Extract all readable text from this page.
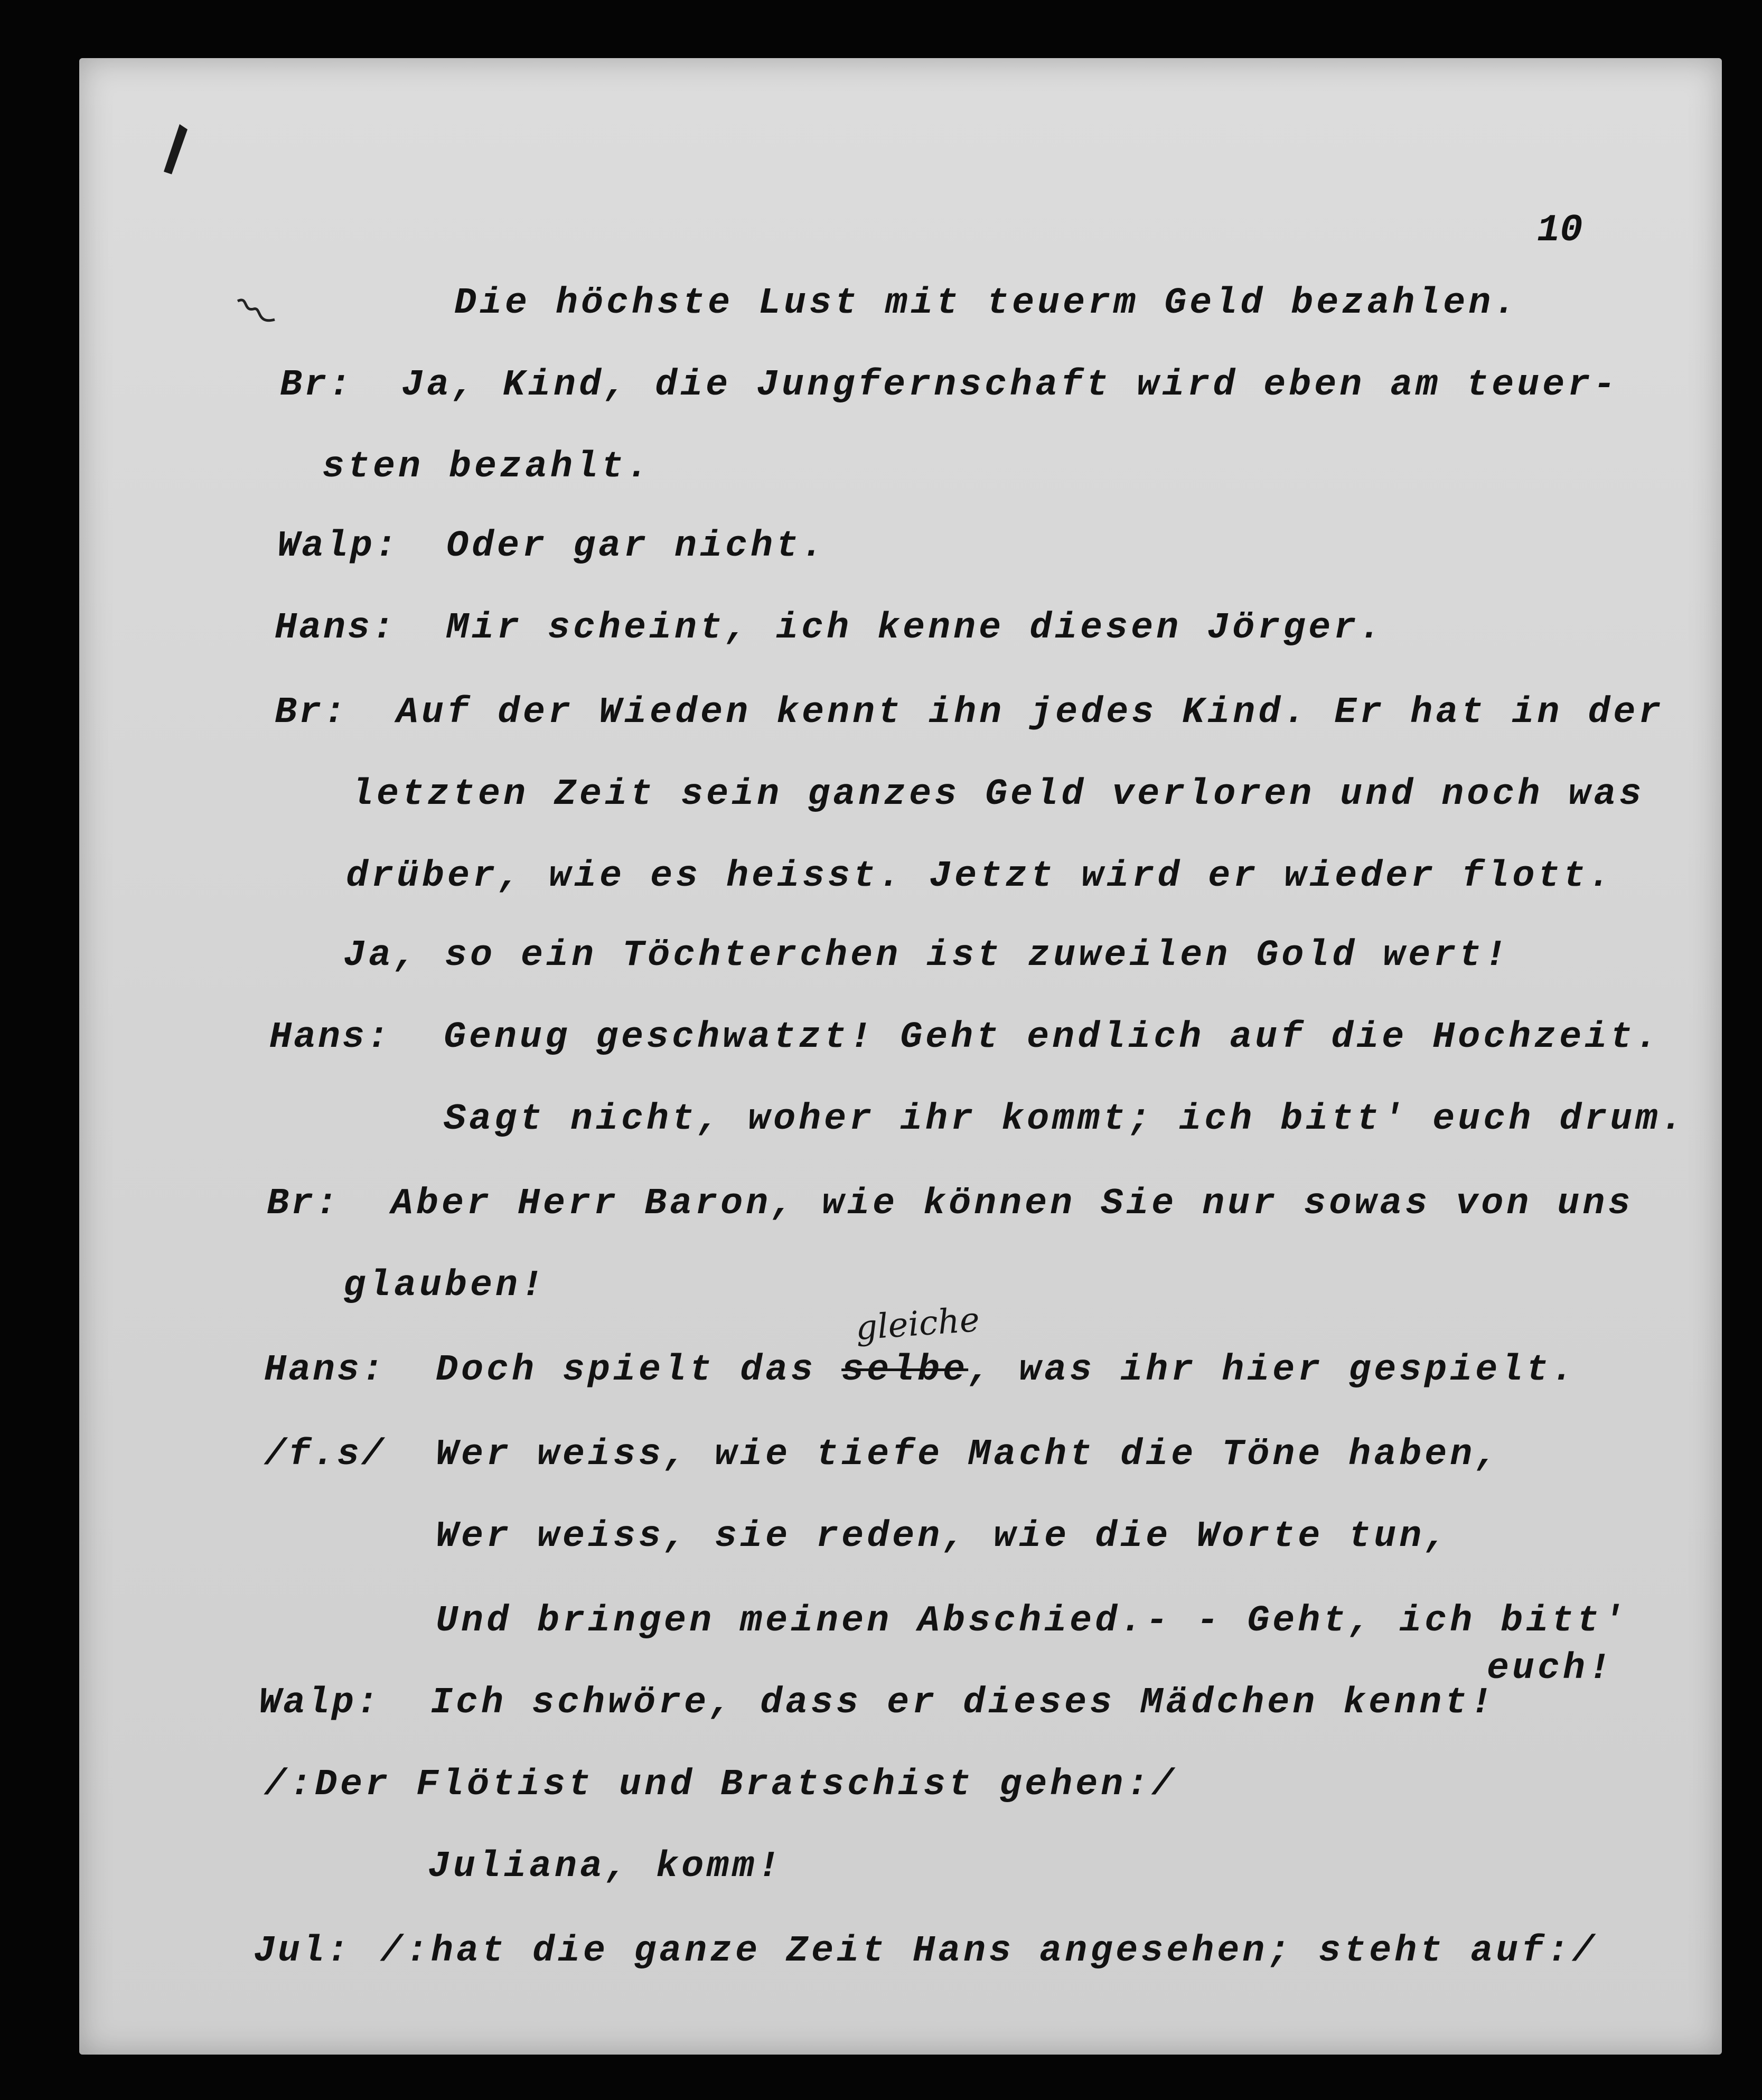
10
Br:
Walp:
Hans:
Br:
Hans:
Br:
Hans:
/f.s/
Walp:
Jul:
Die höchste Lust mit teuerm Geld bezahlen.
Ja, Kind, die Jungfernschaft wird eben am teuer-
sten bezahlt.
Oder gar nicht.
Mir scheint, ich kenne diesen Jörger.
Auf der Wieden kennt ihn jedes Kind. Er hat in der
letzten Zeit sein ganzes Geld verloren und noch was
drüber, wie es heisst. Jetzt wird er wieder flott.
Ja, so ein Töchterchen ist zuweilen Gold wert!
Genug geschwatzt! Geht endlich auf die Hochzeit.
Sagt nicht, woher ihr kommt; ich bitt' euch drum.
Aber Herr Baron, wie können Sie nur sowas von uns
glauben!
gleiche
Doch spielt das selbe, was ihr hier gespielt.
Wer weiss, wie tiefe Macht die Töne haben,
Wer weiss, sie reden, wie die Worte tun,
Und bringen meinen Abschied.- - Geht, ich bitt'
euch!
Ich schwöre, dass er dieses Mädchen kennt!
/:Der Flötist und Bratschist gehen:/
Juliana, komm!
/:hat die ganze Zeit Hans angesehen; steht auf:/
